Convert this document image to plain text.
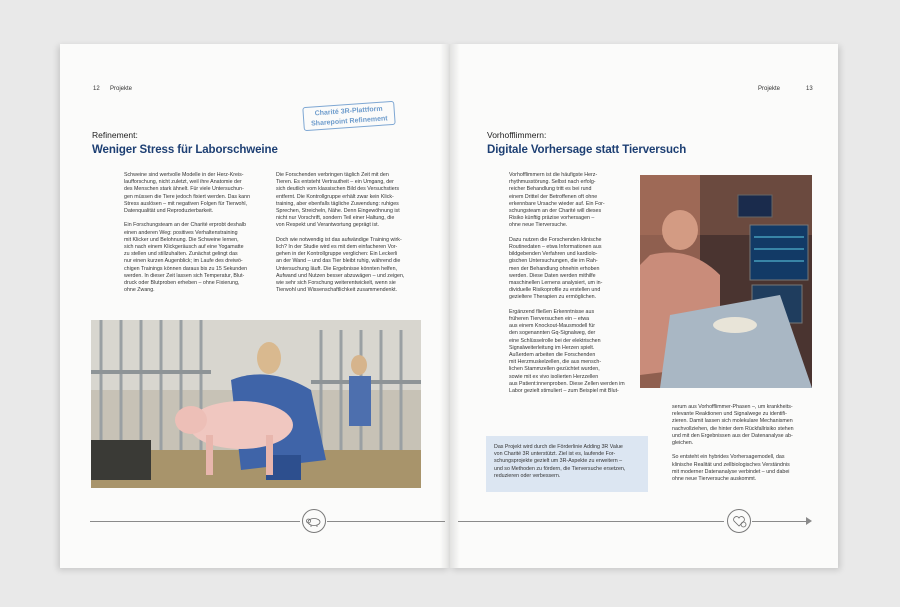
12 Projekte
Charité 3R-Plattform
Sharepoint Refinement
Refinement:
Weniger Stress für Laborschweine
Schweine sind wertvolle Modelle in der Herz-Kreis-
laufforschung, nicht zuletzt, weil ihre Anatomie der
des Menschen stark ähnelt. Für viele Untersuchun-
gen müssen die Tiere jedoch fixiert werden. Das kann
Stress auslösen – mit negativen Folgen für Tierwohl,
Datenqualität und Reproduzierbarkeit.

Ein Forschungsteam an der Charité erprobt deshalb
einen anderen Weg: positives Verhaltenstraining
mit Klicker und Belohnung. Die Schweine lernen,
sich nach einem Klickgeräusch auf eine Yogamatte
zu stellen und stillzuhalten. Zunächst gelingt das
nur einen kurzen Augenblick; im Laufe des dreiwö-
chigen Trainings können daraus bis zu 15 Sekunden
werden. In dieser Zeit lassen sich Temperatur, Blut-
druck oder Blutproben erheben – ohne Fixierung,
ohne Zwang.
Die Forschenden verbringen täglich Zeit mit den
Tieren. Es entsteht Vertrautheit – ein Umgang, der
sich deutlich vom klassischen Bild des Versuchstiers
entfernt. Die Kontrollgruppe erhält zwar kein Klick-
training, aber ebenfalls tägliche Zuwendung: ruhiges
Sprechen, Streicheln, Nähe. Denn Eingewöhnung ist
nicht nur Vorschrift, sondern Teil einer Haltung, die
von Respekt und Verantwortung geprägt ist.

Doch wie notwendig ist das aufwändige Training wirk-
lich? In der Studie wird es mit dem einfacheren Vor-
gehen in der Kontrollgruppe verglichen: Ein Leckerli
an der Wand – und das Tier bleibt ruhig, während die
Untersuchung läuft. Die Ergebnisse könnten helfen,
Aufwand und Nutzen besser abzuwägen – und zeigen,
wie sehr sich Forschung weiterentwickelt, wenn sie
Tierwohl und Wissenschaftlichkeit zusammendenkt.
Projekte	13
Vorhofflimmern:
Digitale Vorhersage statt Tierversuch
Vorhofflimmern ist die häufigste Herz-
rhythmusstörung. Selbst nach erfolg-
reicher Behandlung tritt es bei rund
einem Drittel der Betroffenen oft ohne
erkennbare Ursache wieder auf. Ein For-
schungsteam an der Charité will dieses
Risiko künftig präzise vorhersagen –
ohne neue Tierversuche.

Dazu nutzen die Forschenden klinische
Routinedaten – etwa Informationen aus
bildgebenden Verfahren und kardiolo-
gischen Untersuchungen, die im Rah-
men der Behandlung ohnehin erhoben
werden. Diese Daten werden mithilfe
maschinellen Lernens analysiert, um in-
dividuelle Risikoprofile zu erstellen und
gezieltere Therapien zu ermöglichen.

Ergänzend fließen Erkenntnisse aus
früheren Tierversuchen ein – etwa
aus einem Knockout-Mausmodell für
den sogenannten Gq-Signalweg, der
eine Schlüsselrolle bei der elektrischen
Signalweiterleitung im Herzen spielt.
Außerdem arbeiten die Forschenden
mit Herzmuskelzellen, die aus mensch-
lichen Stammzellen gezüchtet wurden,
sowie mit ex vivo isolierten Herzzellen
aus Patient:innenproben. Diese Zellen werden im
Labor gezielt stimuliert – zum Beispiel mit Blut-
serum aus Vorhofflimmer-Phasen –, um krankheits-
relevante Reaktionen und Signalwege zu identifi-
zieren. Damit lassen sich molekulare Mechanismen
nachvollziehen, die hinter dem Rückfallrisiko stehen
und mit den Ergebnissen aus der Datenanalyse ab-
gleichen.

So entsteht ein hybrides Vorhersagemodell, das
klinische Realität und zellbiologisches Verständnis
mit moderner Datenanalyse verbindet – und dabei
ohne neue Tierversuche auskommt.
Das Projekt wird durch die Förderlinie Adding 3R Value
von Charité 3R unterstützt. Ziel ist es, laufende For-
schungsprojekte gezielt um 3R-Aspekte zu erweitern –
und so Methoden zu fördern, die Tierversuche ersetzen,
reduzieren oder verbessern.
